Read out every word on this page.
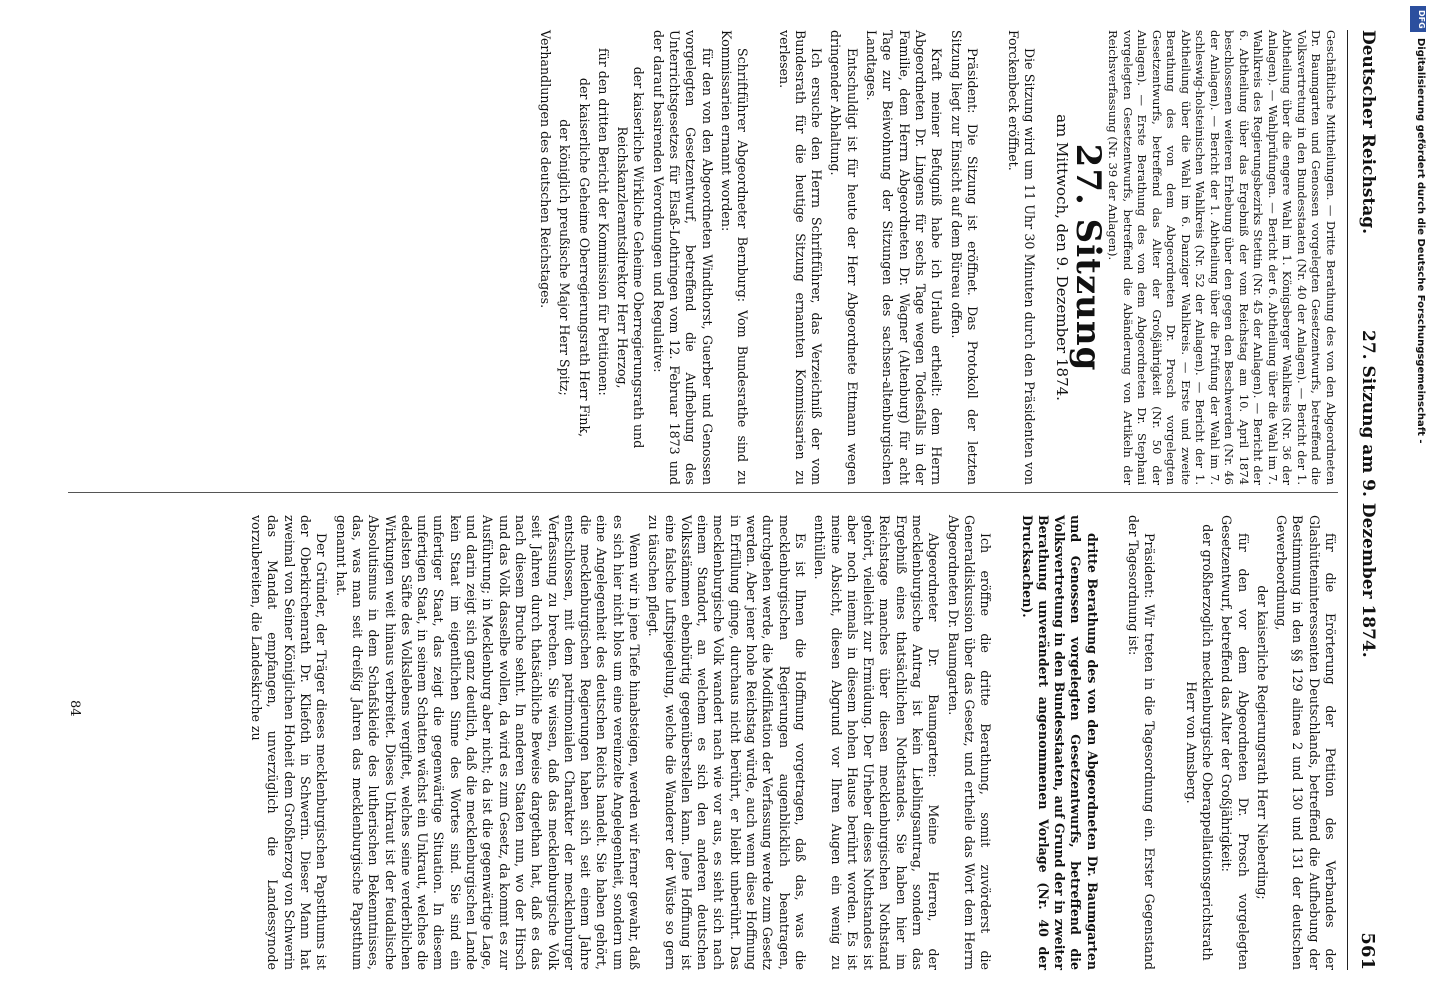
Deutscher Reichstag.
27. Sitzung am 9. Dezember 1874.
561

Geschäftliche Mittheilungen. — Dritte Berathung des von den Abgeordneten Dr. Baumgarten und Genossen vorgelegten Gesetzentwurfs, betreffend die Volksvertretung in den Bundesstaaten (Nr. 40 der Anlagen). — Bericht der 1. Abtheilung über die engere Wahl im 1. Königsberger Wahlkreis (Nr. 36 der Anlagen). — Wahlprüfungen. — Bericht der 6. Abtheilung über die Wahl im 7. Wahlkreis des Regierungsbezirks Stettin (Nr. 45 der Anlagen). — Bericht der 6. Abtheilung über das Ergebniß der vom Reichstag am 10. April 1874 beschlossenen weiteren Erhebung über den gegen den Beschwerden (Nr. 46 der Anlagen). — Bericht der 1. Abtheilung über die Prüfung der Wahl im 7. schleswig-holsteinischen Wahlkreis (Nr. 52 der Anlagen). — Bericht der 1. Abtheilung über die Wahl im 6. Danziger Wahlkreis. — Erste und zweite Berathung des von dem Abgeordneten Dr. Prosch vorgelegten Gesetzentwurfs, betreffend das Alter der Großjährigkeit (Nr. 50 der Anlagen). — Erste Berathung des von dem Abgeordneten Dr. Stephani vorgelegten Gesetzentwurfs, betreffend die Abänderung von Artikeln der Reichsverfassung (Nr. 39 der Anlagen).

27. Sitzung
am Mittwoch, den 9. Dezember 1874.

Die Sitzung wird um 11 Uhr 30 Minuten durch den Präsidenten von Forckenbeck eröffnet.

Präsident: Die Sitzung ist eröffnet. Das Protokoll der letzten Sitzung liegt zur Einsicht auf dem Büreau offen.

Kraft meiner Befugniß habe ich Urlaub ertheilt: dem Herrn Abgeordneten Dr. Lingens für sechs Tage wegen Todesfalls in der Familie, dem Herrn Abgeordneten Dr. Wagner (Altenburg) für acht Tage zur Beiwohnung der Sitzungen des sachsen-altenburgischen Landtages.

Entschuldigt ist für heute der Herr Abgeordnete Ettmann wegen dringender Abhaltung.

Ich ersuche den Herrn Schriftführer, das Verzeichniß der vom Bundesrath für die heutige Sitzung ernannten Kommissarien zu verlesen.

Schriftführer Abgeordneter Bernburg: Vom Bundesrathe sind zu Kommissarien ernannt worden:

für den von den Abgeordneten Windthorst, Guerber und Genossen vorgelegten Gesetzentwurf, betreffend die Aufhebung des Unterrichtsgesetzes für Elsaß-Lothringen vom 12. Februar 1873 und der darauf basirenden Verordnungen und Regulative:

der kaiserliche Wirkliche Geheime Oberregierungsrath und Reichskanzleramtsdirektor Herr Herzog,

für den dritten Bericht der Kommission für Petitionen:

der kaiserliche Geheime Oberregierungsrath Herr Fink,

der königlich preußische Major Herr Spitz;

Verhandlungen des deutschen Reichstages.

für die Erörterung der Petition des Verbandes der Glashütteninteressenten Deutschlands, betreffend die Aufhebung der Bestimmung in den §§ 129 alinea 2 und 130 und 131 der deutschen Gewerbeordnung,

der kaiserliche Regierungsrath Herr Nieberding;

für den vor dem Abgeordneten Dr. Prosch vorgelegten Gesetzentwurf, betreffend das Alter der Großjährigkeit:

der großherzoglich mecklenburgische Oberappellationsgerichtsrath Herr von Amsberg.

Präsident: Wir treten in die Tagesordnung ein. Erster Gegenstand der Tagesordnung ist:

dritte Berathung des von den Abgeordneten Dr. Baumgarten und Genossen vorgelegten Gesetzentwurfs, betreffend die Volksvertretung in den Bundesstaaten, auf Grund der in zweiter Berathung unverändert angenommenen Vorlage (Nr. 40 der Drucksachen).

Ich eröffne die dritte Berathung, somit zuvörderst die Generaldiskussion über das Gesetz, und ertheile das Wort dem Herrn Abgeordneten Dr. Baumgarten.

Abgeordneter Dr. Baumgarten: Meine Herren, der mecklenburgische Antrag ist kein Lieblingsantrag, sondern das Ergebniß eines thatsächlichen Nothstandes. Sie haben hier im Reichstage manches über diesen mecklenburgischen Nothstand gehört, vielleicht zur Ermüdung. Der Urheber dieses Nothstandes ist aber noch niemals in diesem hohen Hause berührt worden. Es ist meine Absicht, diesen Abgrund vor Ihren Augen ein wenig zu enthüllen.

Es ist Ihnen die Hoffnung vorgetragen, daß das, was die mecklenburgischen Regierungen augenblicklich beantragen, durchgehen werde, die Modifikation der Verfassung werde zum Gesetz werden. Aber jener hohe Reichstag würde, auch wenn diese Hoffnung in Erfüllung ginge, durchaus nicht berührt, er bleibt unberührt. Das mecklenburgische Volk wandert nach wie vor aus, es sieht sich nach einem Standort, an welchem es sich den anderen deutschen Volksstämmen ebenbürtig gegenüberstellen kann. Jene Hoffnung ist eine falsche Luftspiegelung, welche die Wanderer der Wüste so gern zu täuschen pflegt.

Wenn wir in jene Tiefe hinabsteigen, werden wir ferner gewahr, daß es sich hier nicht blos um eine vereinzelte Angelegenheit, sondern um eine Angelegenheit des deutschen Reichs handelt. Sie haben gehört, die mecklenburgischen Regierungen haben sich seit einem Jahre entschlossen, mit dem patrimonialen Charakter der mecklenburger Verfassung zu brechen. Sie wissen, daß das mecklenburgische Volk seit Jahren durch thatsächliche Beweise dargethan hat, daß es das nach diesem Bruche sehnt. In anderen Staaten nun, wo der Hirsch und das Volk dasselbe wollen, da wird es zum Gesetz, da kommt es zur Ausführung; in Mecklenburg aber nicht; da ist die gegenwärtige Lage, und darin zeigt sich ganz deutlich, daß die mecklenburgischen Lande kein Staat im eigentlichen Sinne des Wortes sind. Sie sind ein unfertiger Staat, das zeigt die gegenwärtige Situation. In diesem unfertigen Staat, in seinem Schatten wächst ein Unkraut, welches die edelsten Säfte des Volkslebens vergiftet, welches seine verderblichen Wirkungen weit hinaus verbreitet. Dieses Unkraut ist der feudalische Absolutismus in dem Schafskleide des lutherischen Bekenntnisses, das, was man seit dreißig Jahren das mecklenburgische Papstthum genannt hat.

Der Gründer, der Träger dieses mecklenburgischen Papstthums ist der Oberkirchenrath Dr. Kliefoth in Schwerin. Dieser Mann hat zweimal von Seiner Königlichen Hoheit dem Großherzog von Schwerin das Mandat empfangen, unverzüglich die Landessynode vorzubereiten, die Landeskirche zu

84
DFG
Digitalisierung gefördert durch die Deutsche Forschungsgemeinschaft -
